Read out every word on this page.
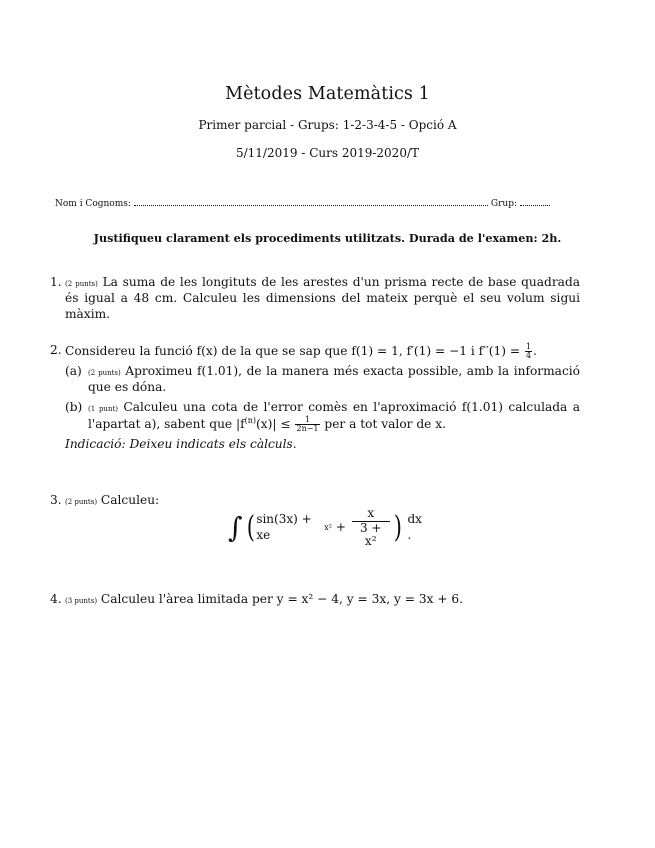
Mètodes Matemàtics 1
Primer parcial - Grups: 1-2-3-4-5 - Opció A
5/11/2019 - Curs 2019-2020/T
Nom i Cognoms:	Grup:
Justifiqueu clarament els procediments utilitzats. Durada de l'examen: 2h.
1. (2 punts) La suma de les longituts de les arestes d'un prisma recte de base quadrada és igual a 48 cm. Calculeu les dimensions del mateix perquè el seu volum sigui màxim.
2. Considereu la funció f(x) de la que se sap que f(1) = 1, f′(1) = −1 i $f''(1) = \frac{1}{4}$ .
(a) (2 punts) Aproximeu f(1.01), de la manera més exacta possible, amb la informació que es dóna.
(b) (1 punt) Calculeu una cota de l'error comès en l'aproximació f(1.01) calculada a l'apartat a), sabent que $|f^{(n)}(x)| \le \frac{1}{2n-1}$ per a tot valor de x.
Indicació: Deixeu indicats els càlculs.
3. (2 punts) Calculeu:
∫ ( sin(3x) + xe
$x^2 + \frac{x}{\text{3 + x²}}$ ) dx .
4. (3 punts) Calculeu l'àrea limitada per y = x² − 4, y = 3x, y = 3x + 6.
